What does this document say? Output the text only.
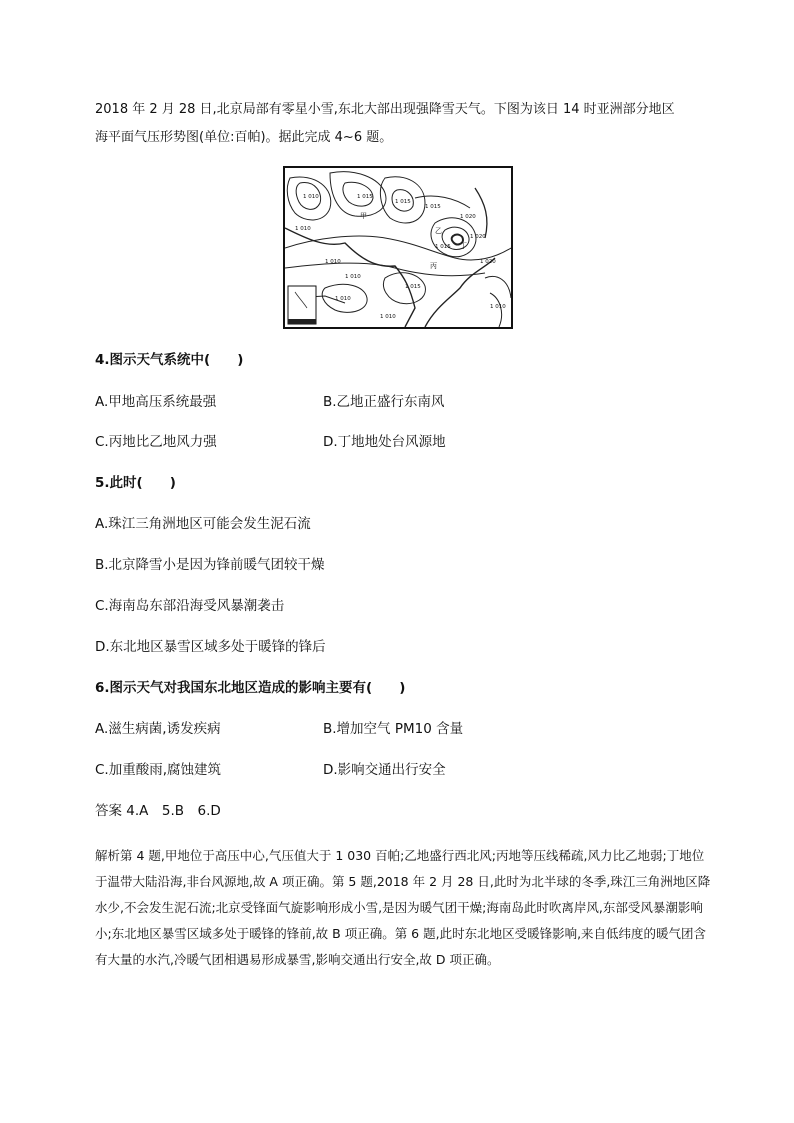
2018 年 2 月 28 日,北京局部有零星小雪,东北大部出现强降雪天气。下图为该日 14 时亚洲部分地区
海平面气压形势图(单位:百帕)。据此完成 4~6 题。
1 010	1 015
1 015
1 020
1 010
1 010
1 015
1 010
1 010
1 015
1 020
1 020
1 010
1 015
1 010
甲
乙
丙
丁
4.图示天气系统中(　　)
A.甲地高压系统最强	B.乙地正盛行东南风
C.丙地比乙地风力强	D.丁地地处台风源地
5.此时(　　)
A.珠江三角洲地区可能会发生泥石流
B.北京降雪小是因为锋前暖气团较干燥
C.海南岛东部沿海受风暴潮袭击
D.东北地区暴雪区域多处于暖锋的锋后
6.图示天气对我国东北地区造成的影响主要有(　　)
A.滋生病菌,诱发疾病	B.增加空气 PM10 含量
C.加重酸雨,腐蚀建筑	D.影响交通出行安全
答案 4.A　5.B　6.D
解析第 4 题,甲地位于高压中心,气压值大于 1 030 百帕;乙地盛行西北风;丙地等压线稀疏,风力比乙地弱;丁地位于温带大陆沿海,非台风源地,故 A 项正确。第 5 题,2018 年 2 月 28 日,此时为北半球的冬季,珠江三角洲地区降水少,不会发生泥石流;北京受锋面气旋影响形成小雪,是因为暖气团干燥;海南岛此时吹离岸风,东部受风暴潮影响小;东北地区暴雪区域多处于暖锋的锋前,故 B 项正确。第 6 题,此时东北地区受暖锋影响,来自低纬度的暖气团含有大量的水汽,冷暖气团相遇易形成暴雪,影响交通出行安全,故 D 项正确。
